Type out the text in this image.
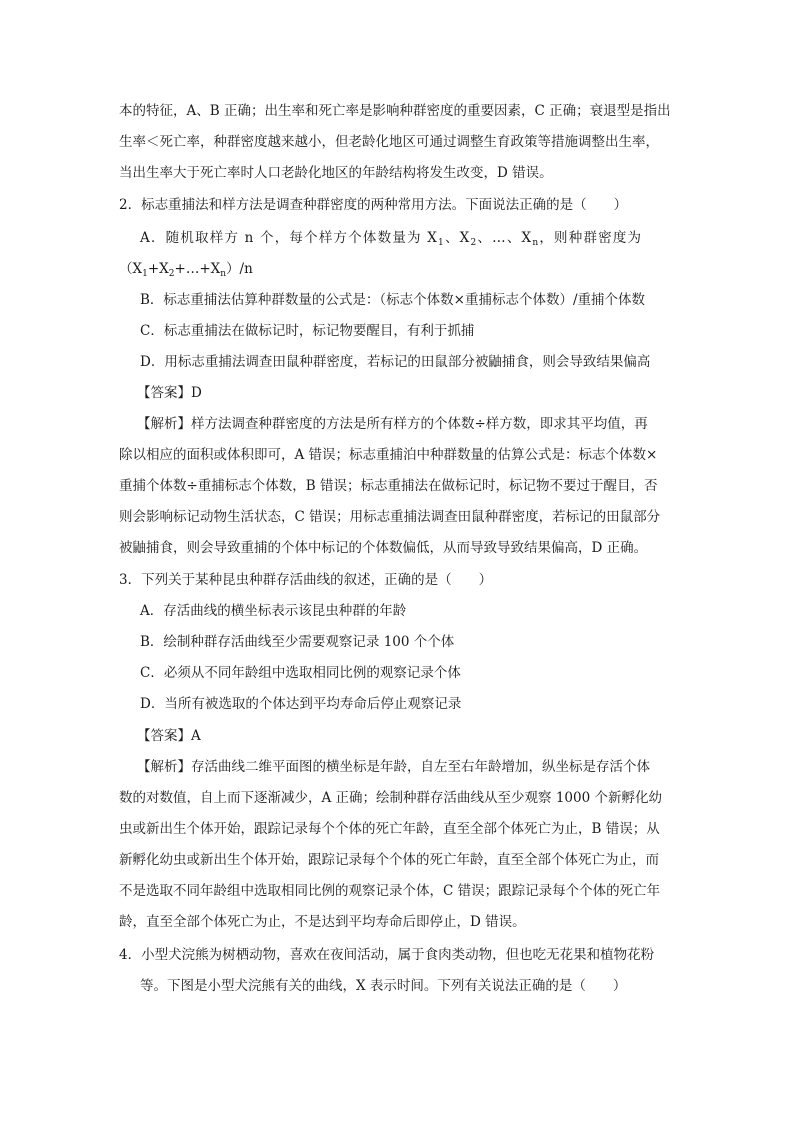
本的特征，A、B 正确；出生率和死亡率是影响种群密度的重要因素，C 正确；衰退型是指出
生率＜死亡率，种群密度越来越小，但老龄化地区可通过调整生育政策等措施调整出生率，
当出生率大于死亡率时人口老龄化地区的年龄结构将发生改变，D 错误。
2．标志重捕法和样方法是调查种群密度的两种常用方法。下面说法正确的是（　　）
A．随机取样方 n 个，每个样方个体数量为 $X_1$、$X_2$、…、$X_n$，则种群密度为
$(X_1+X_2+\dots+X_n)/n$
B．标志重捕法估算种群数量的公式是：（标志个体数×重捕标志个体数）/重捕个体数
C．标志重捕法在做标记时，标记物要醒目，有利于抓捕
D．用标志重捕法调查田鼠种群密度，若标记的田鼠部分被鼬捕食，则会导致结果偏高
【答案】D
【解析】样方法调查种群密度的方法是所有样方的个体数÷样方数，即求其平均值，再
除以相应的面积或体积即可，A 错误；标志重捕泊中种群数量的估算公式是：标志个体数×
重捕个体数÷重捕标志个体数，B 错误；标志重捕法在做标记时，标记物不要过于醒目，否
则会影响标记动物生活状态，C 错误；用标志重捕法调查田鼠种群密度，若标记的田鼠部分
被鼬捕食，则会导致重捕的个体中标记的个体数偏低，从而导致导致结果偏高，D 正确。
3．下列关于某种昆虫种群存活曲线的叙述，正确的是（　　）
A．存活曲线的横坐标表示该昆虫种群的年龄
B．绘制种群存活曲线至少需要观察记录 100 个个体
C．必须从不同年龄组中选取相同比例的观察记录个体
D．当所有被选取的个体达到平均寿命后停止观察记录
【答案】A
【解析】存活曲线二维平面图的横坐标是年龄，自左至右年龄增加，纵坐标是存活个体
数的对数值，自上而下逐渐减少，A 正确；绘制种群存活曲线从至少观察 1000 个新孵化幼
虫或新出生个体开始，跟踪记录每个个体的死亡年龄，直至全部个体死亡为止，B 错误；从
新孵化幼虫或新出生个体开始，跟踪记录每个个体的死亡年龄，直至全部个体死亡为止，而
不是选取不同年龄组中选取相同比例的观察记录个体，C 错误；跟踪记录每个个体的死亡年
龄，直至全部个体死亡为止，不是达到平均寿命后即停止，D 错误。
4．小型犬浣熊为树栖动物，喜欢在夜间活动，属于食肉类动物，但也吃无花果和植物花粉
等。下图是小型犬浣熊有关的曲线，X 表示时间。下列有关说法正确的是（　　）
